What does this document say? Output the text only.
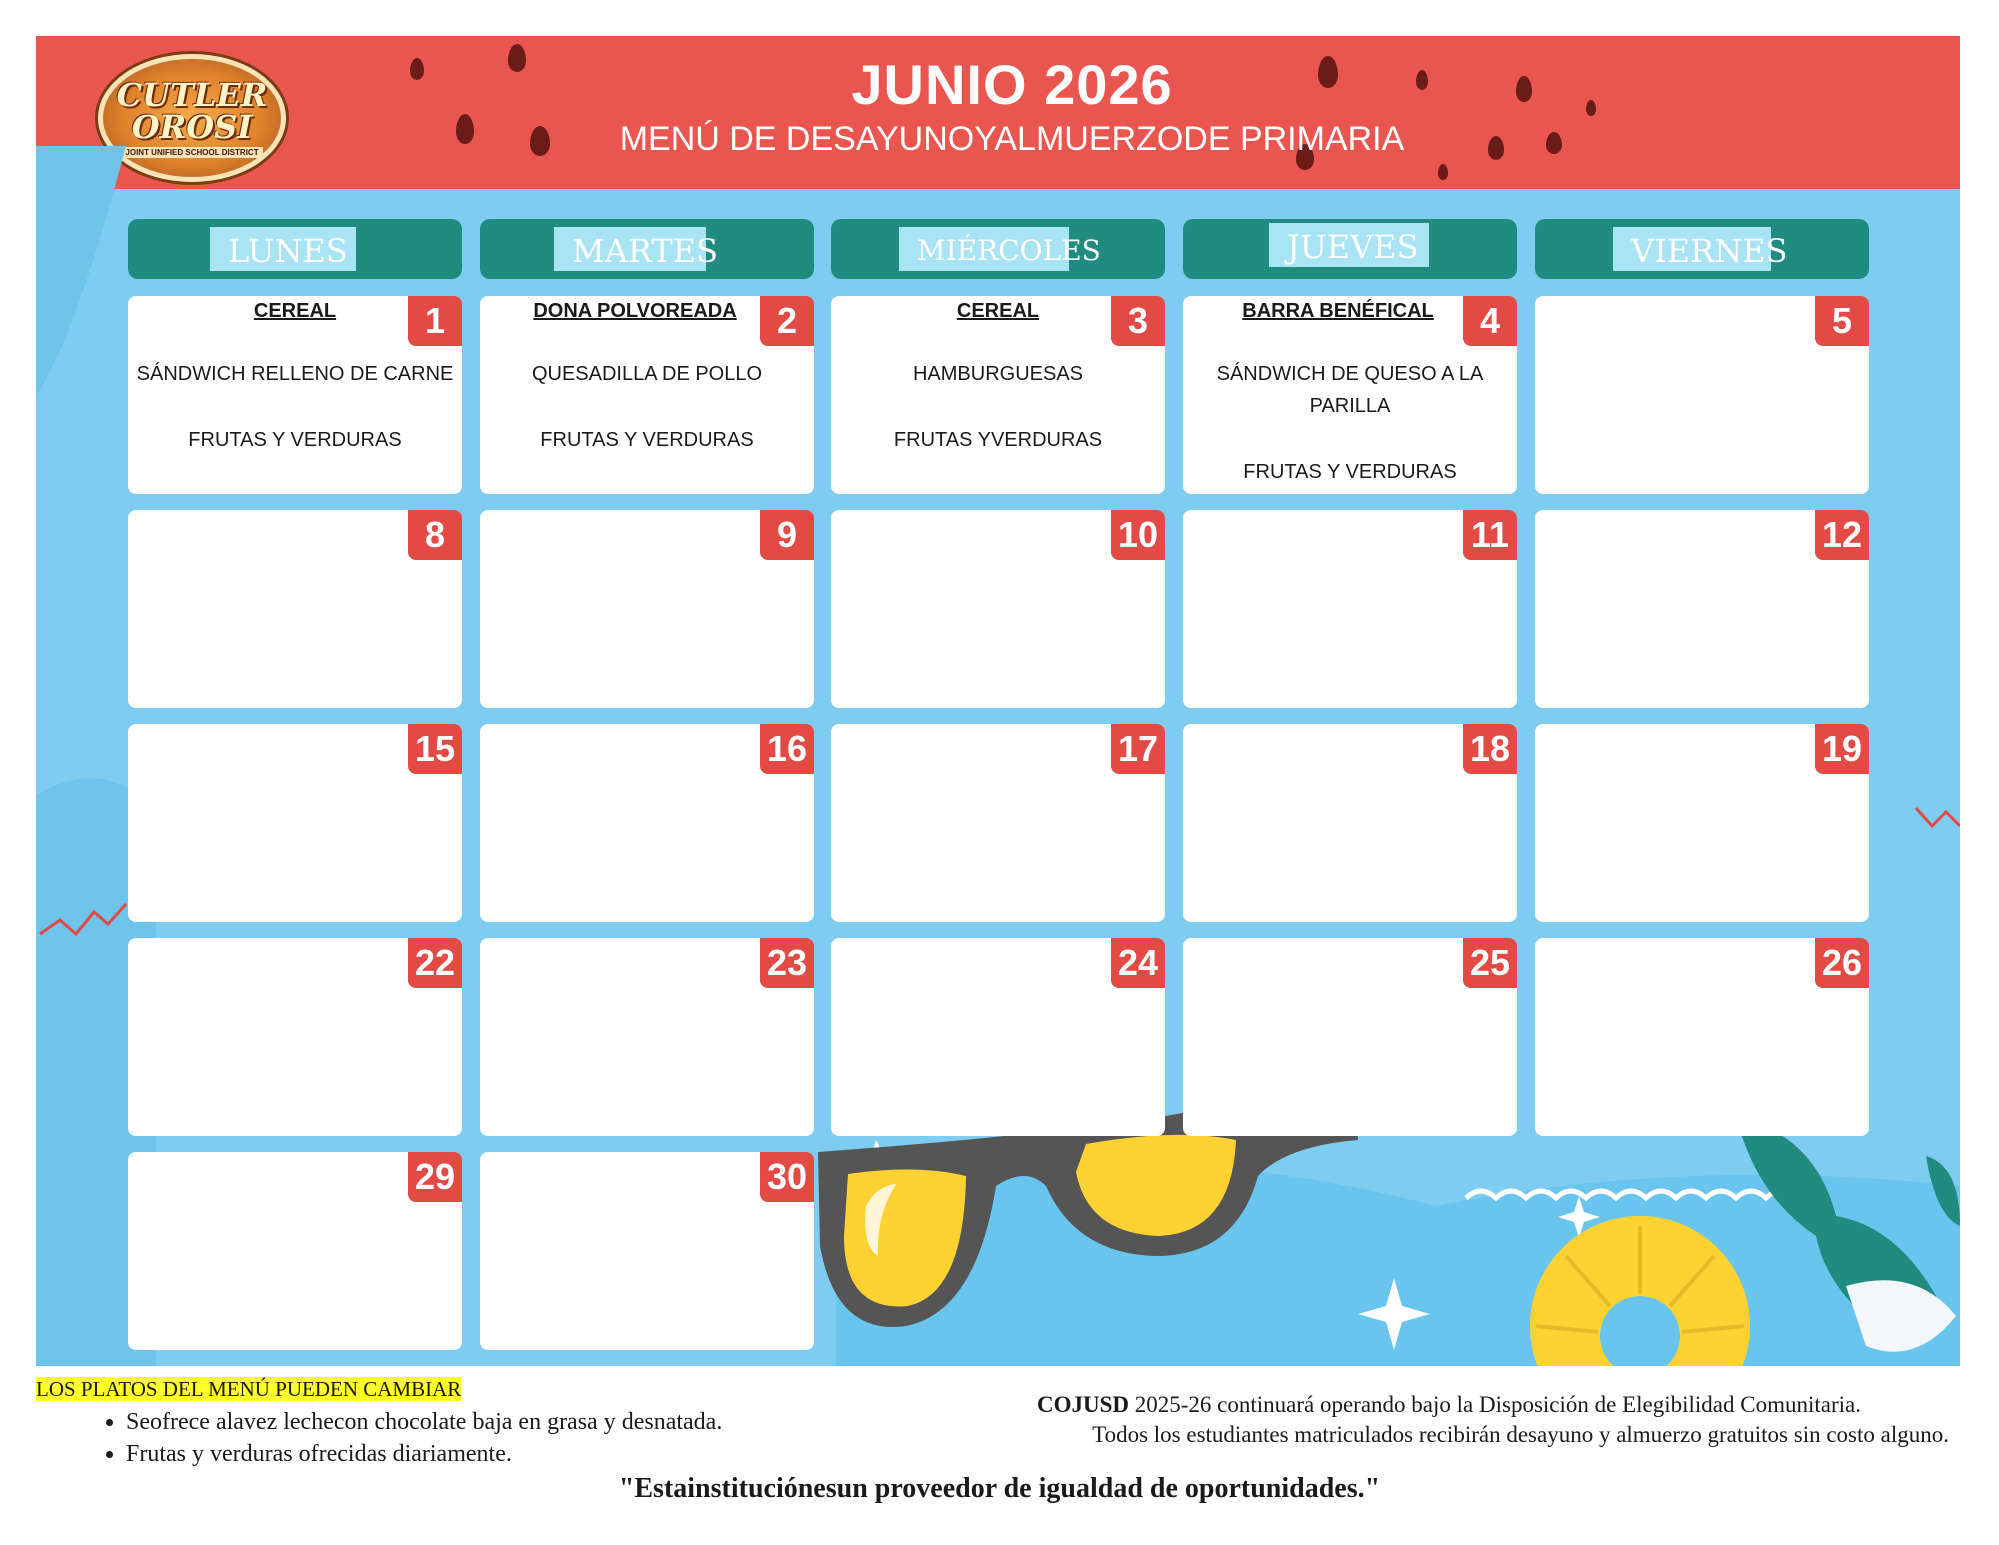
CUTLER
OROSI
JOINT UNIFIED SCHOOL DISTRICT
JUNIO 2026
MENÚ DE DESAYUNOYALMUERZODE PRIMARIA
LUNES	MARTES	MIÉRCOLES	JUEVES	VIERNES
1
CEREAL
SÁNDWICH RELLENO DE CARNE
FRUTAS Y VERDURAS
2
DONA POLVOREADA
QUESADILLA DE POLLO
FRUTAS Y VERDURAS
3
CEREAL
HAMBURGUESAS
FRUTAS YVERDURAS
4
BARRA BENÉFICAL
SÁNDWICH DE QUESO A LA
PARILLA
FRUTAS Y VERDURAS
5
8	9	10	11	12
15	16	17	18	19
22	23	24	25	26
29	30
LOS PLATOS DEL MENÚ PUEDEN CAMBIAR
• Seofrece alavez lechecon chocolate baja en grasa y desnatada.
• Frutas y verduras ofrecidas diariamente.
COJUSD 2025-26 continuará operando bajo la Disposición de Elegibilidad Comunitaria.
Todos los estudiantes matriculados recibirán desayuno y almuerzo gratuitos sin costo alguno.
"Estainstituciónesun proveedor de igualdad de oportunidades."
